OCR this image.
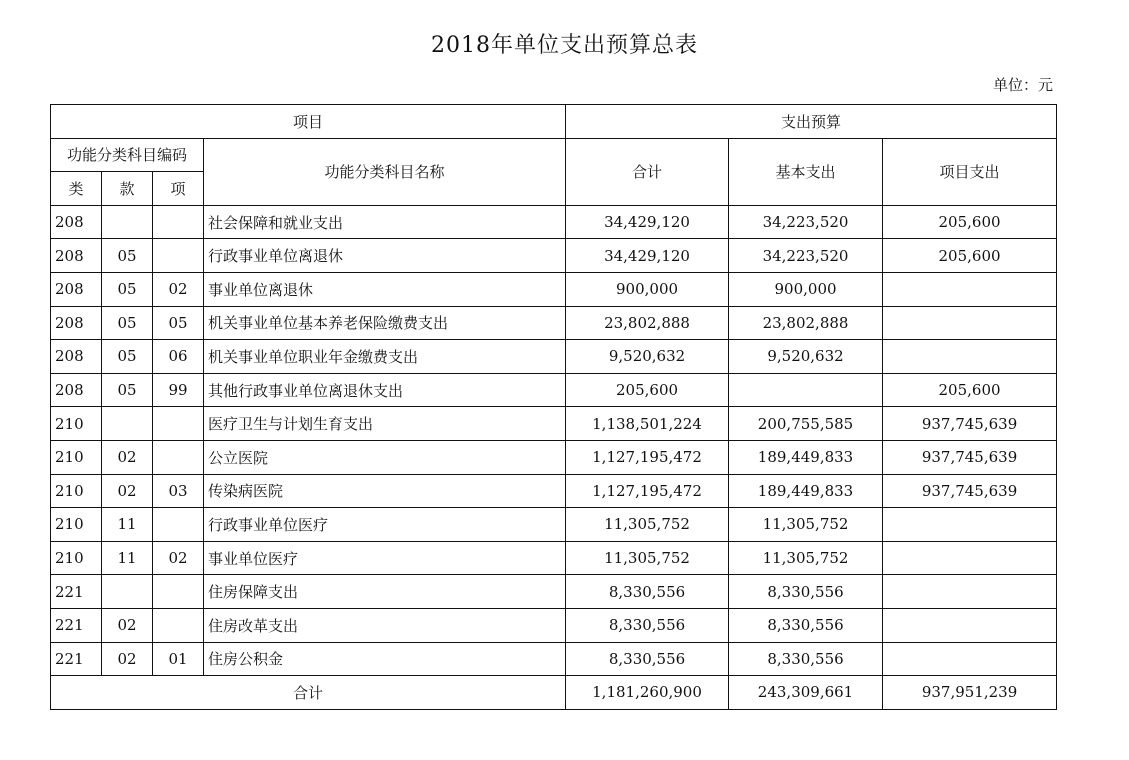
2018年单位支出预算总表
单位：元
项目				支出预算		
功能分类科目编码			功能分类科目名称	合计	基本支出	项目支出
类	款	项				
208			社会保障和就业支出	34,429,120	34,223,520	205,600
208	05		行政事业单位离退休	34,429,120	34,223,520	205,600
208	05	02	事业单位离退休	900,000	900,000	
208	05	05	机关事业单位基本养老保险缴费支出	23,802,888	23,802,888	
208	05	06	机关事业单位职业年金缴费支出	9,520,632	9,520,632	
208	05	99	其他行政事业单位离退休支出	205,600		205,600
210			医疗卫生与计划生育支出	1,138,501,224	200,755,585	937,745,639
210	02		公立医院	1,127,195,472	189,449,833	937,745,639
210	02	03	传染病医院	1,127,195,472	189,449,833	937,745,639
210	11		行政事业单位医疗	11,305,752	11,305,752	
210	11	02	事业单位医疗	11,305,752	11,305,752	
221			住房保障支出	8,330,556	8,330,556	
221	02		住房改革支出	8,330,556	8,330,556	
221	02	01	住房公积金	8,330,556	8,330,556	
合计				1,181,260,900	243,309,661	937,951,239
